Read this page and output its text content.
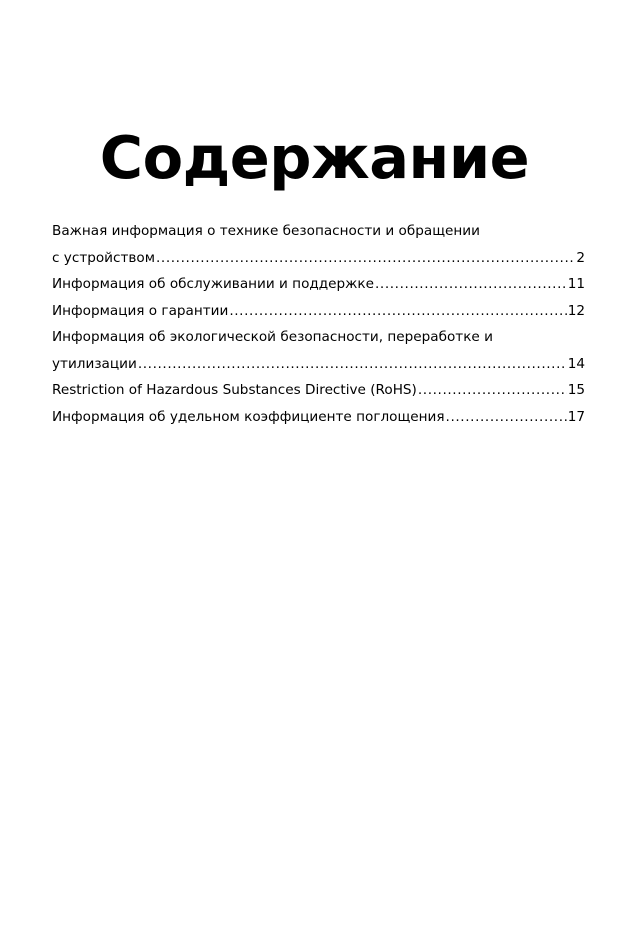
Содержание
Важная информация о технике безопасности и обращении
с устройством .....	2
Информация об обслуживании и поддержке .....	11
Информация о гарантии .....	12
Информация об экологической безопасности, переработке и
утилизации .....	14
Restriction of Hazardous Substances Directive (RoHS) .....	15
Информация об удельном коэффициенте поглощения .....	17
